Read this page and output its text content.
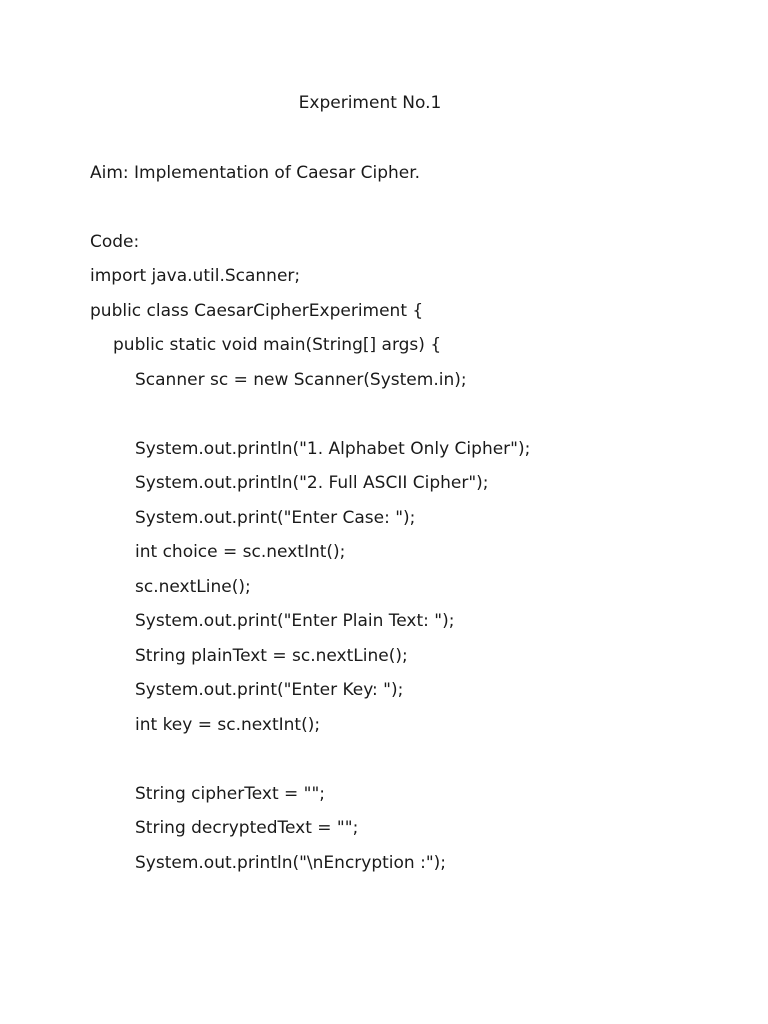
Experiment No.1
Aim: Implementation of Caesar Cipher.
Code:
import java.util.Scanner;
public class CaesarCipherExperiment {
public static void main(String[] args) {
Scanner sc = new Scanner(System.in);
System.out.println("1. Alphabet Only Cipher");
System.out.println("2. Full ASCII Cipher");
System.out.print("Enter Case: ");
int choice = sc.nextInt();
sc.nextLine();
System.out.print("Enter Plain Text: ");
String plainText = sc.nextLine();
System.out.print("Enter Key: ");
int key = sc.nextInt();
String cipherText = "";
String decryptedText = "";
System.out.println("\nEncryption :");
